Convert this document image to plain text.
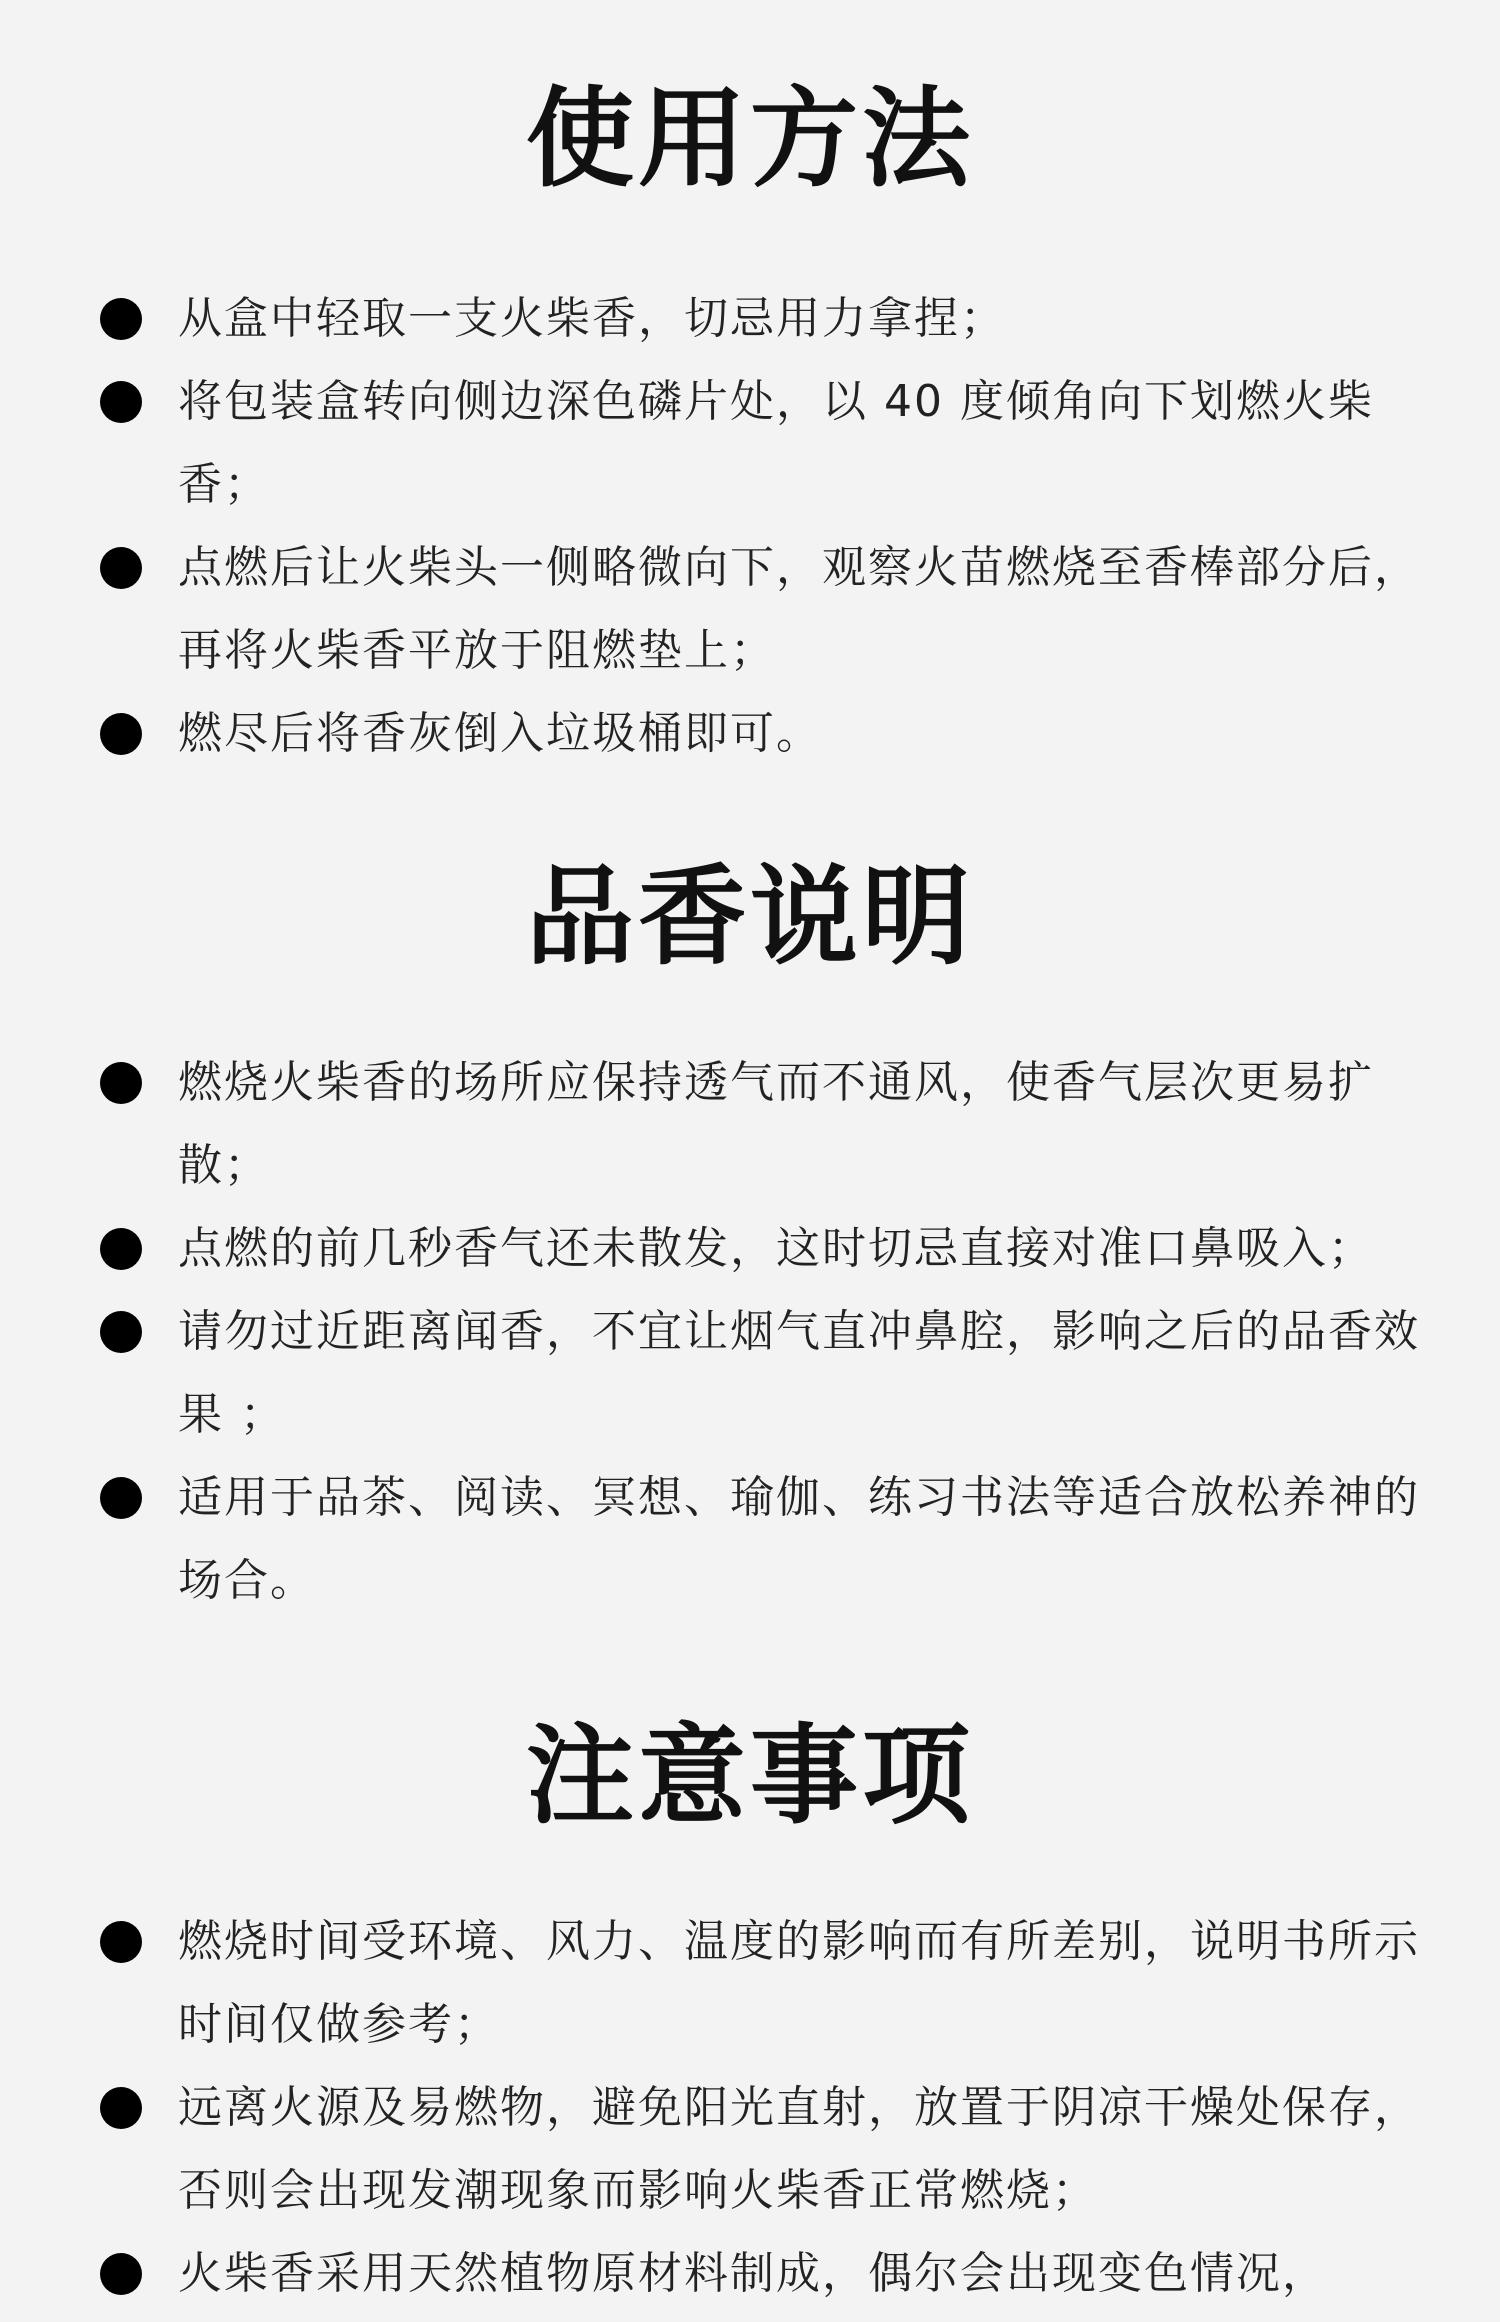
使用方法
从盒中轻取一支火柴香，切忌用力拿捏；
将包装盒转向侧边深色磷片处，以 40 度倾角向下划燃火柴香；
点燃后让火柴头一侧略微向下，观察火苗燃烧至香棒部分后，再将火柴香平放于阻燃垫上；
燃尽后将香灰倒入垃圾桶即可。
品香说明
燃烧火柴香的场所应保持透气而不通风，使香气层次更易扩散；
点燃的前几秒香气还未散发，这时切忌直接对准口鼻吸入；
请勿过近距离闻香，不宜让烟气直冲鼻腔，影响之后的品香效果 ；
适用于品茶、阅读、冥想、瑜伽、练习书法等适合放松养神的场合。
注意事项
燃烧时间受环境、风力、温度的影响而有所差别，说明书所示时间仅做参考；
远离火源及易燃物，避免阳光直射，放置于阴凉干燥处保存，否则会出现发潮现象而影响火柴香正常燃烧；
火柴香采用天然植物原材料制成，偶尔会出现变色情况，
